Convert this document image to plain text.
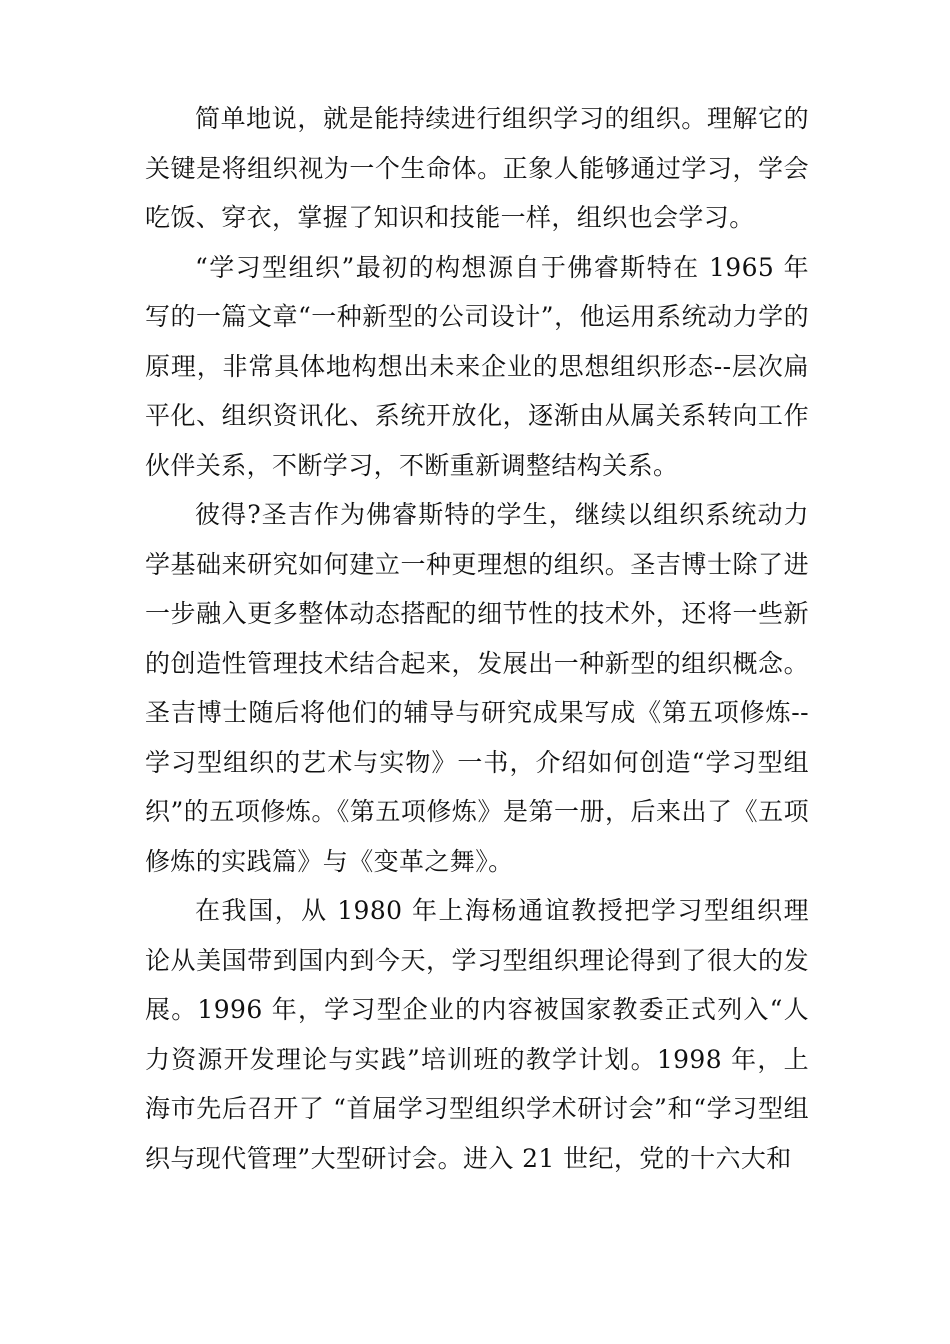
简单地说，就是能持续进行组织学习的组织。理解它的关键是将组织视为一个生命体。正象人能够通过学习，学会吃饭、穿衣，掌握了知识和技能一样，组织也会学习。

“学习型组织”最初的构想源自于佛睿斯特在 1965 年写的一篇文章“一种新型的公司设计”，他运用系统动力学的原理，非常具体地构想出未来企业的思想组织形态--层次扁平化、组织资讯化、系统开放化，逐渐由从属关系转向工作伙伴关系，不断学习，不断重新调整结构关系。

彼得?圣吉作为佛睿斯特的学生，继续以组织系统动力学基础来研究如何建立一种更理想的组织。圣吉博士除了进一步融入更多整体动态搭配的细节性的技术外，还将一些新的创造性管理技术结合起来，发展出一种新型的组织概念。圣吉博士随后将他们的辅导与研究成果写成《第五项修炼--学习型组织的艺术与实物》一书，介绍如何创造“学习型组织”的五项修炼。《第五项修炼》是第一册，后来出了《五项修炼的实践篇》与《变革之舞》。

在我国，从 1980 年上海杨通谊教授把学习型组织理论从美国带到国内到今天，学习型组织理论得到了很大的发展。1996 年，学习型企业的内容被国家教委正式列入“人力资源开发理论与实践”培训班的教学计划。1998 年，上海市先后召开了 “首届学习型组织学术研讨会”和“学习型组织与现代管理”大型研讨会。进入 21 世纪，党的十六大和
